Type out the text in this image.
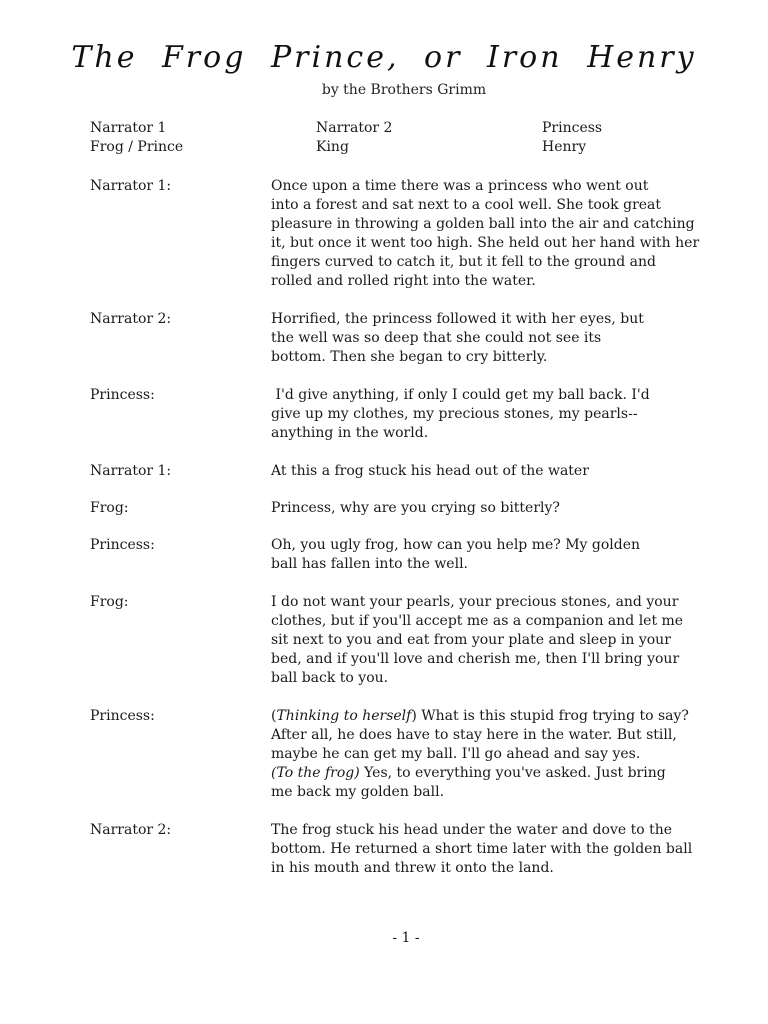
The Frog Prince, or Iron Henry
by the Brothers Grimm
Narrator 1	Narrator 2	Princess
Frog / Prince	King	Henry
Narrator 1:	Once upon a time there was a princess who went out
into a forest and sat next to a cool well. She took great
pleasure in throwing a golden ball into the air and catching
it, but once it went too high. She held out her hand with her
fingers curved to catch it, but it fell to the ground and
rolled and rolled right into the water.
Narrator 2:	Horrified, the princess followed it with her eyes, but
the well was so deep that she could not see its
bottom. Then she began to cry bitterly.
Princess:	I'd give anything, if only I could get my ball back. I'd
give up my clothes, my precious stones, my pearls--
anything in the world.
Narrator 1:	At this a frog stuck his head out of the water
Frog:	Princess, why are you crying so bitterly?
Princess:	Oh, you ugly frog, how can you help me? My golden
ball has fallen into the well.
Frog:	I do not want your pearls, your precious stones, and your
clothes, but if you'll accept me as a companion and let me
sit next to you and eat from your plate and sleep in your
bed, and if you'll love and cherish me, then I'll bring your
ball back to you.
Princess:	(Thinking to herself) What is this stupid frog trying to say?
After all, he does have to stay here in the water. But still,
maybe he can get my ball. I'll go ahead and say yes.
(To the frog) Yes, to everything you've asked. Just bring
me back my golden ball.
Narrator 2:	The frog stuck his head under the water and dove to the
bottom. He returned a short time later with the golden ball
in his mouth and threw it onto the land.
- 1 -
